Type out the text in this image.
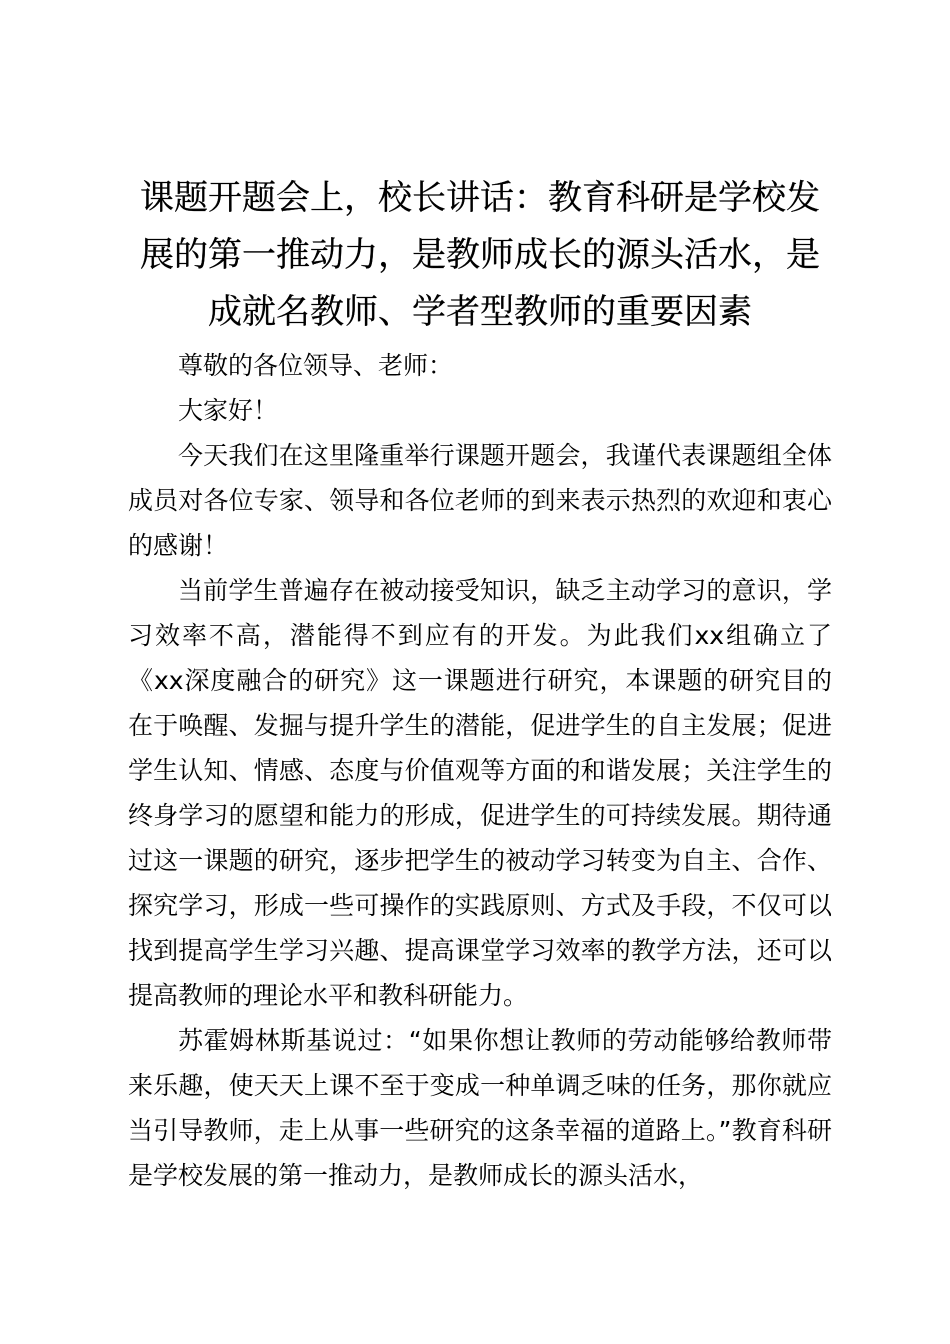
课题开题会上，校长讲话：教育科研是学校发展的第一推动力，是教师成长的源头活水，是成就名教师、学者型教师的重要因素

尊敬的各位领导、老师：

大家好！

今天我们在这里隆重举行课题开题会，我谨代表课题组全体成员对各位专家、领导和各位老师的到来表示热烈的欢迎和衷心的感谢！

当前学生普遍存在被动接受知识，缺乏主动学习的意识，学习效率不高，潜能得不到应有的开发。为此我们xx组确立了《xx深度融合的研究》这一课题进行研究，本课题的研究目的在于唤醒、发掘与提升学生的潜能，促进学生的自主发展；促进学生认知、情感、态度与价值观等方面的和谐发展；关注学生的终身学习的愿望和能力的形成，促进学生的可持续发展。期待通过这一课题的研究，逐步把学生的被动学习转变为自主、合作、探究学习，形成一些可操作的实践原则、方式及手段，不仅可以找到提高学生学习兴趣、提高课堂学习效率的教学方法，还可以提高教师的理论水平和教科研能力。

苏霍姆林斯基说过：“如果你想让教师的劳动能够给教师带来乐趣，使天天上课不至于变成一种单调乏味的任务，那你就应当引导教师，走上从事一些研究的这条幸福的道路上。”教育科研是学校发展的第一推动力，是教师成长的源头活水，
